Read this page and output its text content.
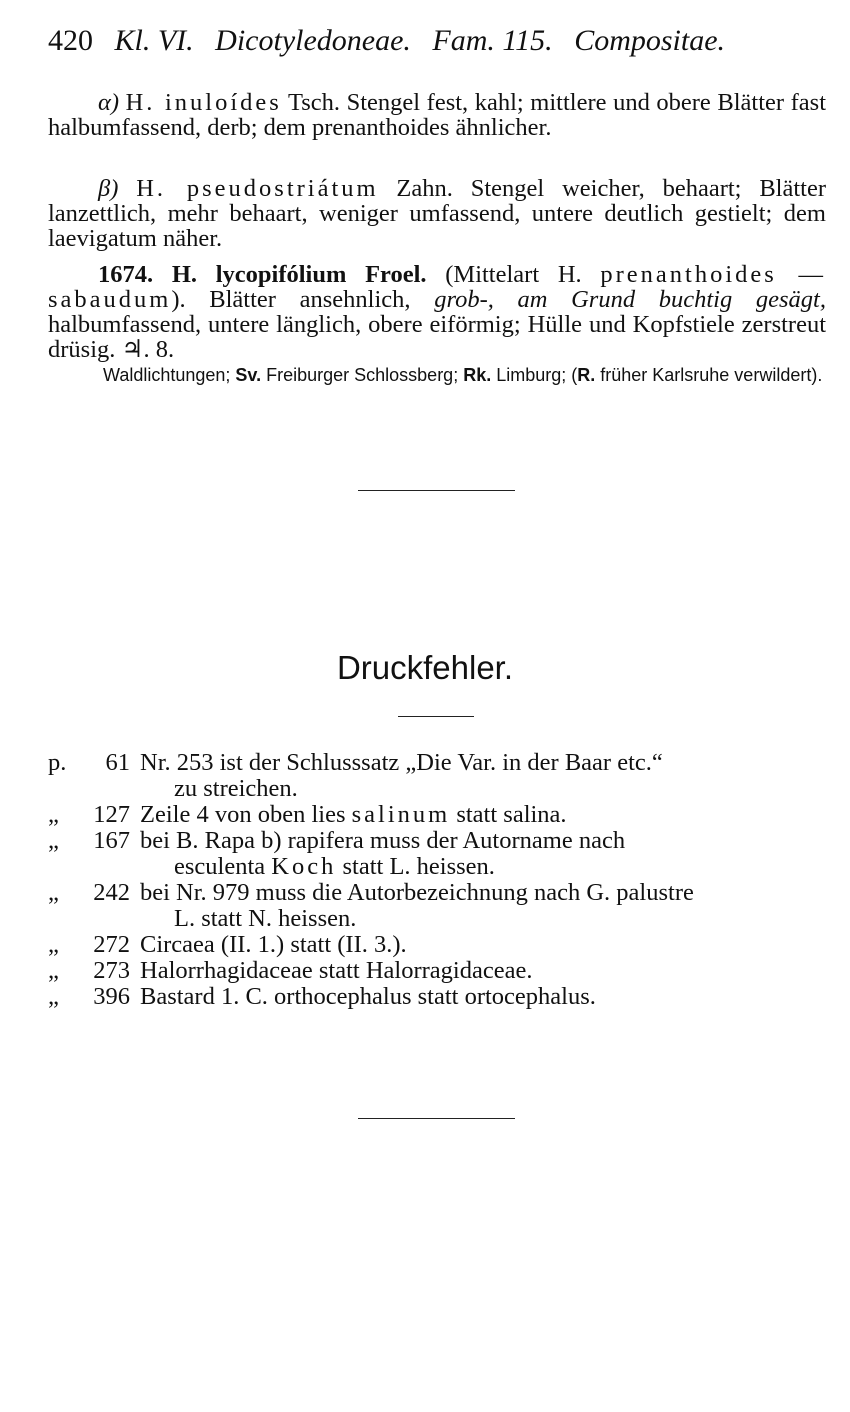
420 Kl. VI. Dicotyledoneae. Fam. 115. Compositae.
α) H. inuloídes Tsch. Stengel fest, kahl; mittlere und obere Blätter fast halbumfassend, derb; dem prenanthoides ähnlicher.
β) H. pseudostriátum Zahn. Stengel weicher, behaart; Blätter lanzettlich, mehr behaart, weniger umfassend, untere deutlich gestielt; dem laevigatum näher.
1674. H. lycopifólium Froel. (Mittelart H. prenanthoides — sabaudum). Blätter ansehnlich, grob-, am Grund buchtig gesägt, halbumfassend, untere länglich, obere eiförmig; Hülle und Kopfstiele zerstreut drüsig. ♃. 8.
Waldlichtungen; Sv. Freiburger Schlossberg; Rk. Limburg; (R. früher Karlsruhe verwildert).
Druckfehler.
p.	61 Nr. 253 ist der Schlusssatz „Die Var. in der Baar etc.“
zu streichen.
„	127 Zeile 4 von oben lies salinum statt salina.
„	167 bei B. Rapa b) rapifera muss der Autorname nach
esculenta Koch statt L. heissen.
„	242 bei Nr. 979 muss die Autorbezeichnung nach G. palustre
L. statt N. heissen.
„	272 Circaea (II. 1.) statt (II. 3.).
„	273 Halorrhagidaceae statt Halorragidaceae.
„	396 Bastard 1. C. orthocephalus statt ortocephalus.
